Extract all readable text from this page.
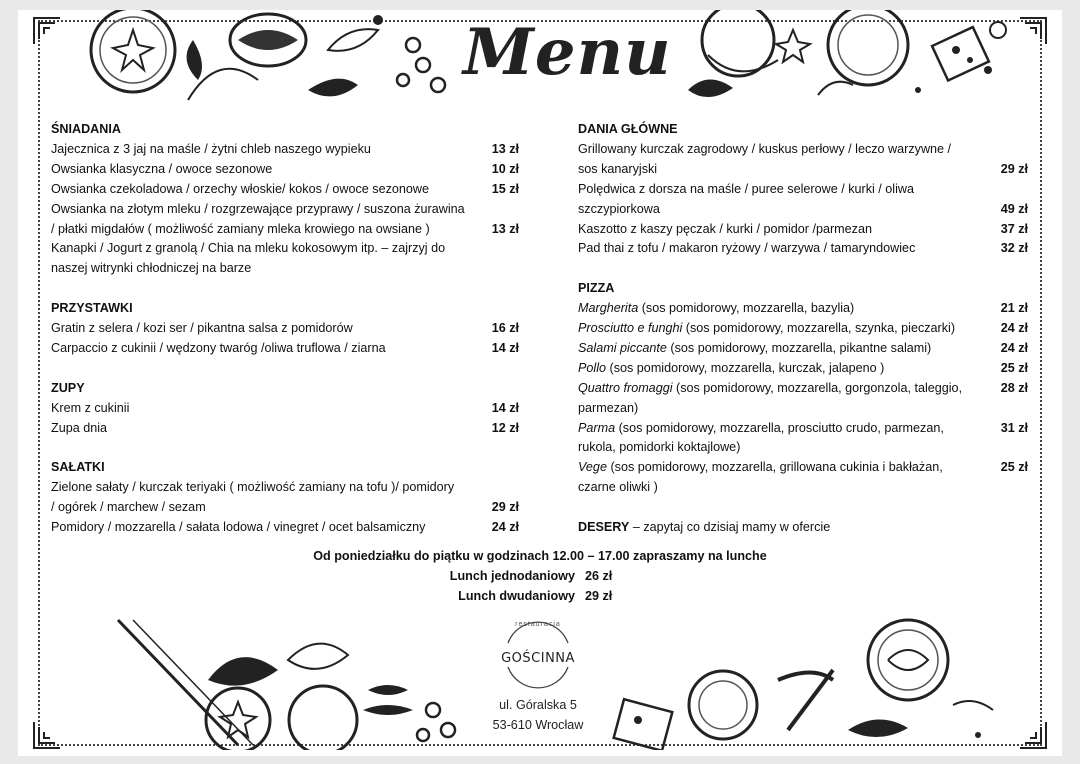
Menu
ŚNIADANIA
Jajecznica z 3 jaj na maśle / żytni chleb naszego wypieku	13 zł
Owsianka klasyczna / owoce sezonowe	10 zł
Owsianka czekoladowa / orzechy włoskie/ kokos / owoce sezonowe	15 zł
Owsianka na złotym mleku / rozgrzewające przyprawy / suszona żurawina
/ płatki migdałów ( możliwość zamiany mleka krowiego na owsiane )	13 zł
Kanapki / Jogurt z granolą / Chia na mleku kokosowym itp. – zajrzyj do
naszej witrynki chłodniczej na barze
PRZYSTAWKI
Gratin z selera / kozi ser / pikantna salsa z pomidorów	16 zł
Carpaccio z cukinii / wędzony twaróg /oliwa truflowa / ziarna	14 zł
ZUPY
Krem z cukinii	14 zł
Zupa dnia	12 zł
SAŁATKI
Zielone sałaty / kurczak teriyaki ( możliwość zamiany na tofu )/ pomidory
/ ogórek / marchew / sezam	29 zł
Pomidory / mozzarella / sałata lodowa / vinegret / ocet balsamiczny	24 zł
DANIA GŁÓWNE
Grillowany kurczak zagrodowy / kuskus perłowy / leczo warzywne /
sos kanaryjski	29 zł
Polędwica z dorsza na maśle / puree selerowe / kurki / oliwa
szczypiorkowa	49 zł
Kaszotto z kaszy pęczak / kurki / pomidor /parmezan	37 zł
Pad thai z tofu / makaron ryżowy / warzywa / tamaryndowiec	32 zł
PIZZA
Margherita (sos pomidorowy, mozzarella, bazylia)	21 zł
Prosciutto e funghi (sos pomidorowy, mozzarella, szynka, pieczarki)	24 zł
Salami piccante (sos pomidorowy, mozzarella, pikantne salami)	24 zł
Pollo (sos pomidorowy, mozzarella, kurczak, jalapeno )	25 zł
Quattro fromaggi (sos pomidorowy, mozzarella, gorgonzola, taleggio,	28 zł
parmezan)
Parma (sos pomidorowy, mozzarella, prosciutto crudo, parmezan,	31 zł
rukola, pomidorki koktajlowe)
Vege (sos pomidorowy, mozzarella, grillowana cukinia i bakłażan,	25 zł
czarne oliwki )
DESERY – zapytaj co dzisiaj mamy w ofercie
Od poniedziałku do piątku w godzinach 12.00 – 17.00 zapraszamy na lunche
Lunch jednodaniowy 26 zł
Lunch dwudaniowy 29 zł
restauracja
GOŚCINNA
ul. Góralska 5
53-610 Wrocław
